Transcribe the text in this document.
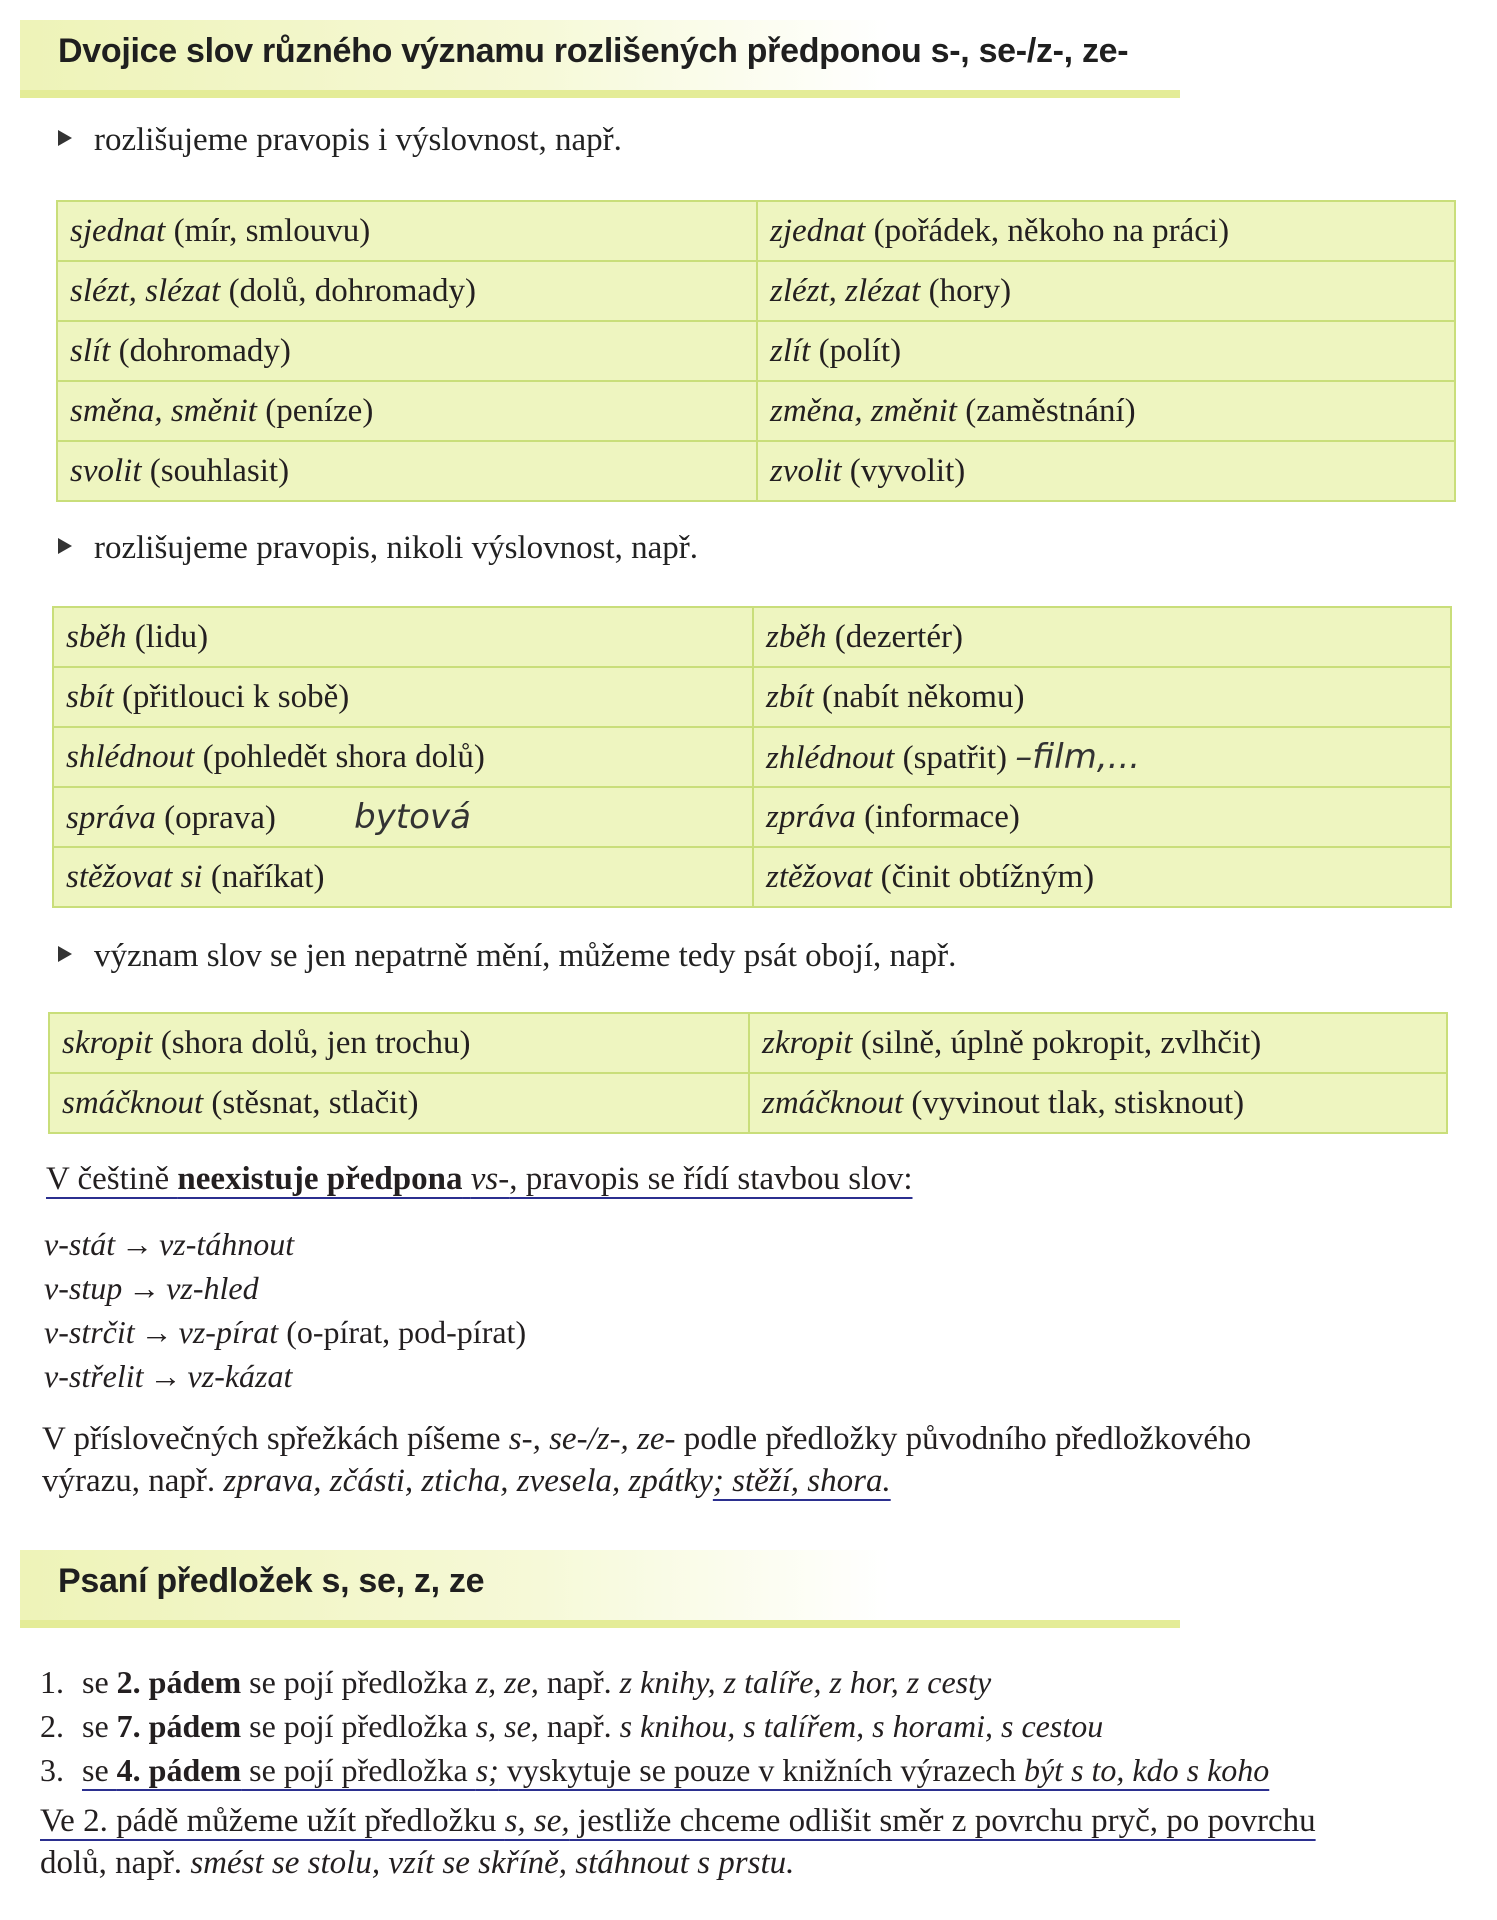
Dvojice slov různého významu rozlišených předponou s-, se-/z-, ze-
rozlišujeme pravopis i výslovnost, např.
sjednat (mír, smlouvu)	zjednat (pořádek, někoho na práci)
slézt, slézat (dolů, dohromady)	zlézt, zlézat (hory)
slít (dohromady)	zlít (polít)
směna, směnit (peníze)	změna, změnit (zaměstnání)
svolit (souhlasit)	zvolit (vyvolit)
rozlišujeme pravopis, nikoli výslovnost, např.
sběh (lidu)	zběh (dezertér)
sbít (přitlouci k sobě)	zbít (nabít někomu)
shlédnout (pohledět shora dolů)	zhlédnout (spatřit) –film,...
správa (oprava) bytová	zpráva (informace)
stěžovat si (naříkat)	ztěžovat (činit obtížným)
význam slov se jen nepatrně mění, můžeme tedy psát obojí, např.
skropit (shora dolů, jen trochu)	zkropit (silně, úplně pokropit, zvlhčit)
smáčknout (stěsnat, stlačit)	zmáčknout (vyvinout tlak, stisknout)
V češtině neexistuje předpona vs-, pravopis se řídí stavbou slov:
v-stát → vz-táhnout
v-stup → vz-hled
v-strčit → vz-pírat (o-pírat, pod-pírat)
v-střelit → vz-kázat
V příslovečných spřežkách píšeme s-, se-/z-, ze- podle předložky původního předložkového
výrazu, např. zprava, zčásti, zticha, zvesela, zpátky; stěží, shora.
Psaní předložek s, se, z, ze
1. se 2. pádem se pojí předložka z, ze, např. z knihy, z talíře, z hor, z cesty
2. se 7. pádem se pojí předložka s, se, např. s knihou, s talířem, s horami, s cestou
3. se 4. pádem se pojí předložka s; vyskytuje se pouze v knižních výrazech být s to, kdo s koho
Ve 2. pádě můžeme užít předložku s, se, jestliže chceme odlišit směr z povrchu pryč, po povrchu
dolů, např. smést se stolu, vzít se skříně, stáhnout s prstu.
